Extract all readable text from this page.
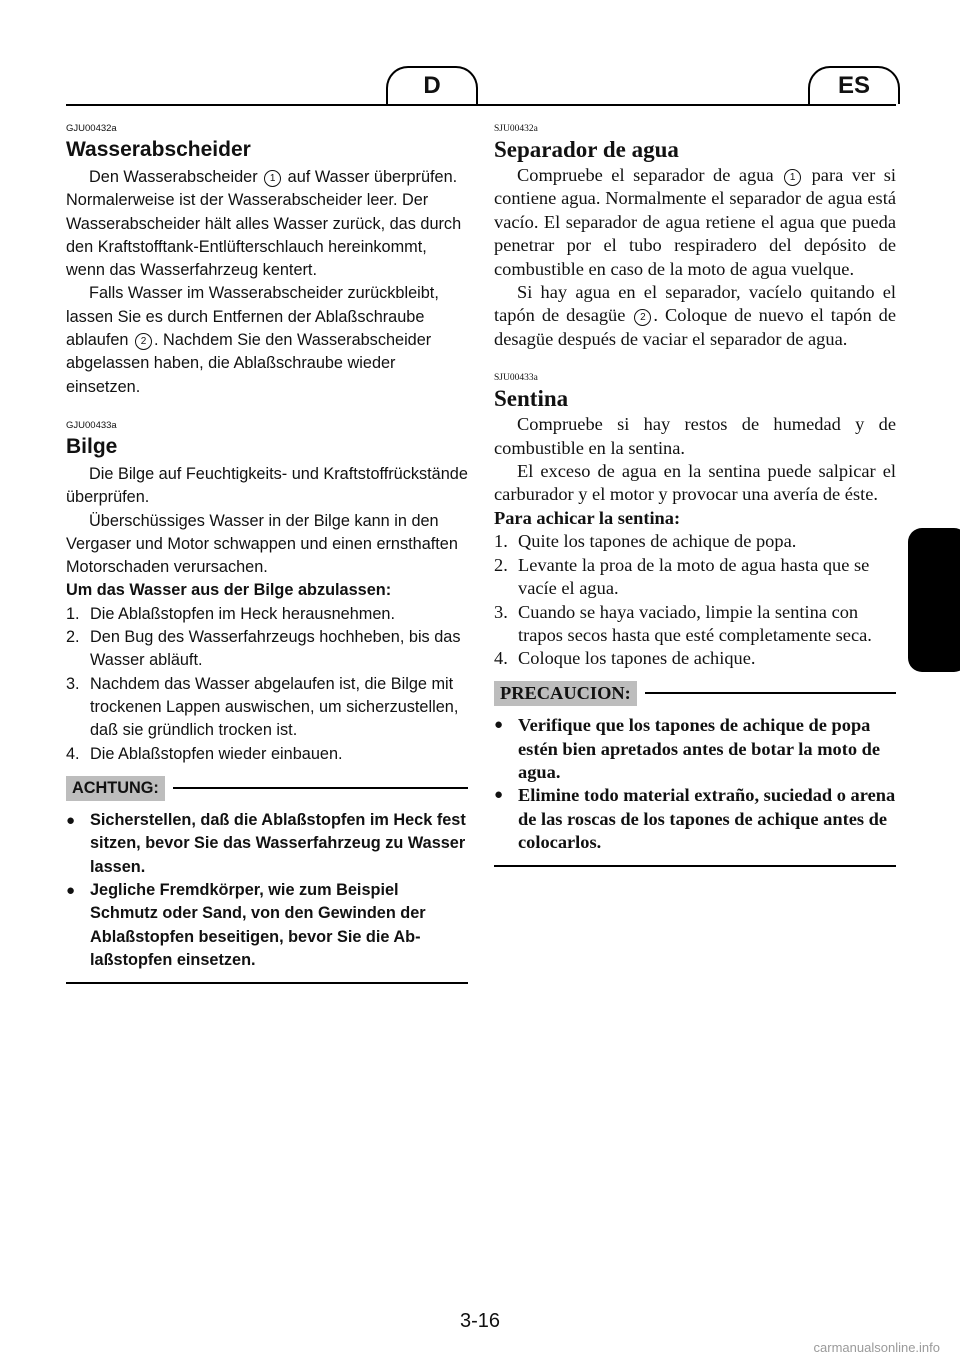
D	ES

GJU00432a

Wasserabscheider

Den Wasserabscheider 1 auf Wasser überprüfen. Normalerweise ist der Wasserabscheider leer. Der Wasserabscheider hält alles Wasser zurück, das durch den Kraftstofftank-Entlüfterschlauch hereinkommt, wenn das Wasserfahrzeug kentert.

Falls Wasser im Wasserabscheider zurückbleibt, lassen Sie es durch Entfernen der Ablaßschraube ablaufen 2 . Nachdem Sie den Wasserabscheider abgelassen haben, die Ablaßschraube wieder einsetzen.

GJU00433a

Bilge

Die Bilge auf Feuchtigkeits- und Kraftstoffrückstände überprüfen.

Überschüssiges Wasser in der Bilge kann in den Vergaser und Motor schwappen und einen ernsthaften Motorschaden verursachen.

Um das Wasser aus der Bilge abzulassen:

1. Die Ablaßstopfen im Heck herausnehmen.
2. Den Bug des Wasserfahrzeugs hochheben, bis das Wasser abläuft.
3. Nachdem das Wasser abgelaufen ist, die Bilge mit trockenen Lappen auswischen, um sicherzustellen, daß sie gründlich trocken ist.
4. Die Ablaßstopfen wieder einbauen.
ACHTUNG:
● Sicherstellen, daß die Ablaßstopfen im Heck fest sitzen, bevor Sie das Wasserfahrzeug zu Wasser lassen.
● Jegliche Fremdkörper, wie zum Beispiel Schmutz oder Sand, von den Gewinden der Ablaßstopfen beseitigen, bevor Sie die Ablaßstopfen einsetzen.

SJU00432a

Separador de agua

Compruebe el separador de agua 1 para ver si contiene agua. Normalmente el separador de agua está vacío. El separador de agua retiene el agua que pueda penetrar por el tubo respiradero del depósito de combustible en caso de la moto de agua vuelque.

Si hay agua en el separador, vacíelo quitando el tapón de desagüe 2 . Coloque de nuevo el tapón de desagüe después de vaciar el separador de agua.

SJU00433a

Sentina

Compruebe si hay restos de humedad y de combustible en la sentina.

El exceso de agua en la sentina puede salpicar el carburador y el motor y provocar una avería de éste.

Para achicar la sentina:

1. Quite los tapones de achique de popa.
2. Levante la proa de la moto de agua hasta que se vacíe el agua.
3. Cuando se haya vaciado, limpie la sentina con trapos secos hasta que esté completamente seca.
4. Coloque los tapones de achique.
PRECAUCION:
● Verifique que los tapones de achique de popa estén bien apretados antes de botar la moto de agua.
● Elimine todo material extraño, suciedad o arena de las roscas de los tapones de achique antes de colocarlos.
3-16
carmanualsonline.info
